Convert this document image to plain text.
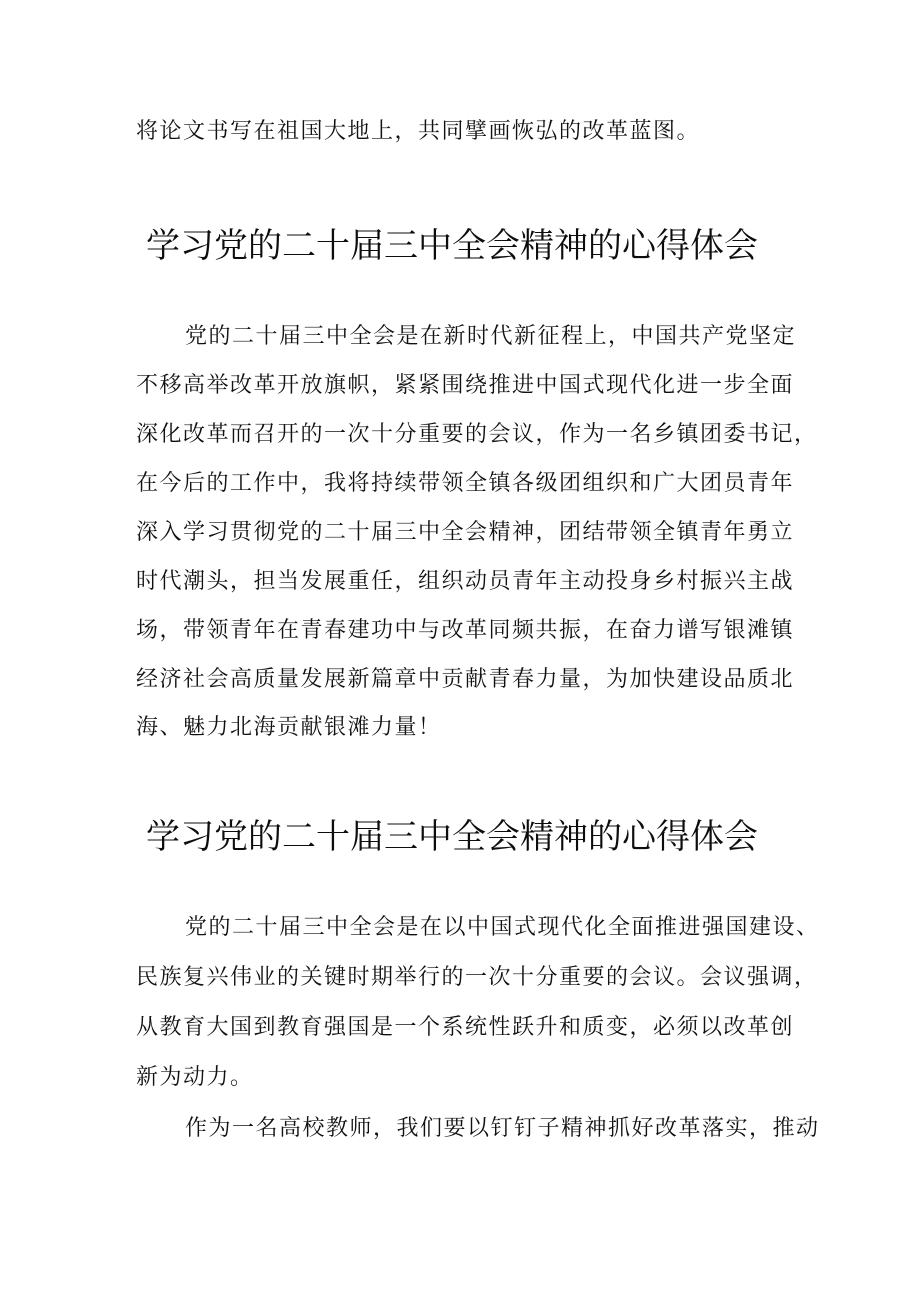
将论文书写在祖国大地上，共同擘画恢弘的改革蓝图。
学习党的二十届三中全会精神的心得体会
党的二十届三中全会是在新时代新征程上，中国共产党坚定
不移高举改革开放旗帜，紧紧围绕推进中国式现代化进一步全面
深化改革而召开的一次十分重要的会议，作为一名乡镇团委书记，
在今后的工作中，我将持续带领全镇各级团组织和广大团员青年
深入学习贯彻党的二十届三中全会精神，团结带领全镇青年勇立
时代潮头，担当发展重任，组织动员青年主动投身乡村振兴主战
场，带领青年在青春建功中与改革同频共振，在奋力谱写银滩镇
经济社会高质量发展新篇章中贡献青春力量，为加快建设品质北
海、魅力北海贡献银滩力量！
学习党的二十届三中全会精神的心得体会
党的二十届三中全会是在以中国式现代化全面推进强国建设、
民族复兴伟业的关键时期举行的一次十分重要的会议。会议强调，
从教育大国到教育强国是一个系统性跃升和质变，必须以改革创
新为动力。
作为一名高校教师，我们要以钉钉子精神抓好改革落实，推动
